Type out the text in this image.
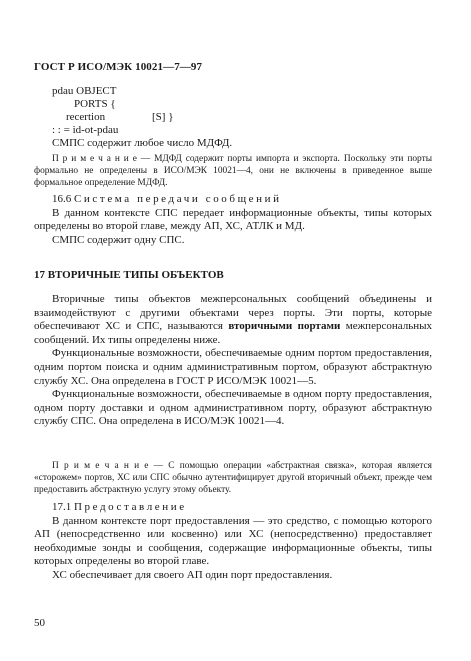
ГОСТ Р ИСО/МЭК 10021—7—97
pdau OBJECT
PORTS {
recertion	[S] }
: : = id-ot-pdau

СМПС содержит любое число МДФД.

П р и м е ч а н и е — МДФД содержит порты импорта и экспорта. Поскольку эти порты формально не определены в ИСО/МЭК 10021—4, они не включены в приведенное выше формальное определение МДФД.

16.6 Система передачи сообщений

В данном контексте СПС передает информационные объекты, типы которых определены во второй главе, между АП, ХС, АТЛК и МД.

СМПС содержит одну СПС.

17 ВТОРИЧНЫЕ ТИПЫ ОБЪЕКТОВ

Вторичные типы объектов межперсональных сообщений объединены и взаимодействуют с другими объектами через порты. Эти порты, которые обеспечивают ХС и СПС, называются вторичными портами межперсональных сообщений. Их типы определены ниже.

Функциональные возможности, обеспечиваемые одним портом предоставления, одним портом поиска и одним административным портом, образуют абстрактную службу ХС. Она определена в ГОСТ Р ИСО/МЭК 10021—5.

Функциональные возможности, обеспечиваемые в одном порту предоставления, одном порту доставки и одном административном порту, образуют абстрактную службу СПС. Она определена в ИСО/МЭК 10021—4.

П р и м е ч а н и е — С помощью операции «абстрактная связка», которая является «сторожем» портов, ХС или СПС обычно аутентифицирует другой вторичный объект, прежде чем предоставить абстрактную услугу этому объекту.

17.1 Предоставление

В данном контексте порт предоставления — это средство, с помощью которого АП (непосредственно или косвенно) или ХС (непосредственно) предоставляет необходимые зонды и сообщения, содержащие информационные объекты, типы которых определены во второй главе.

ХС обеспечивает для своего АП один порт предоставления.

50
